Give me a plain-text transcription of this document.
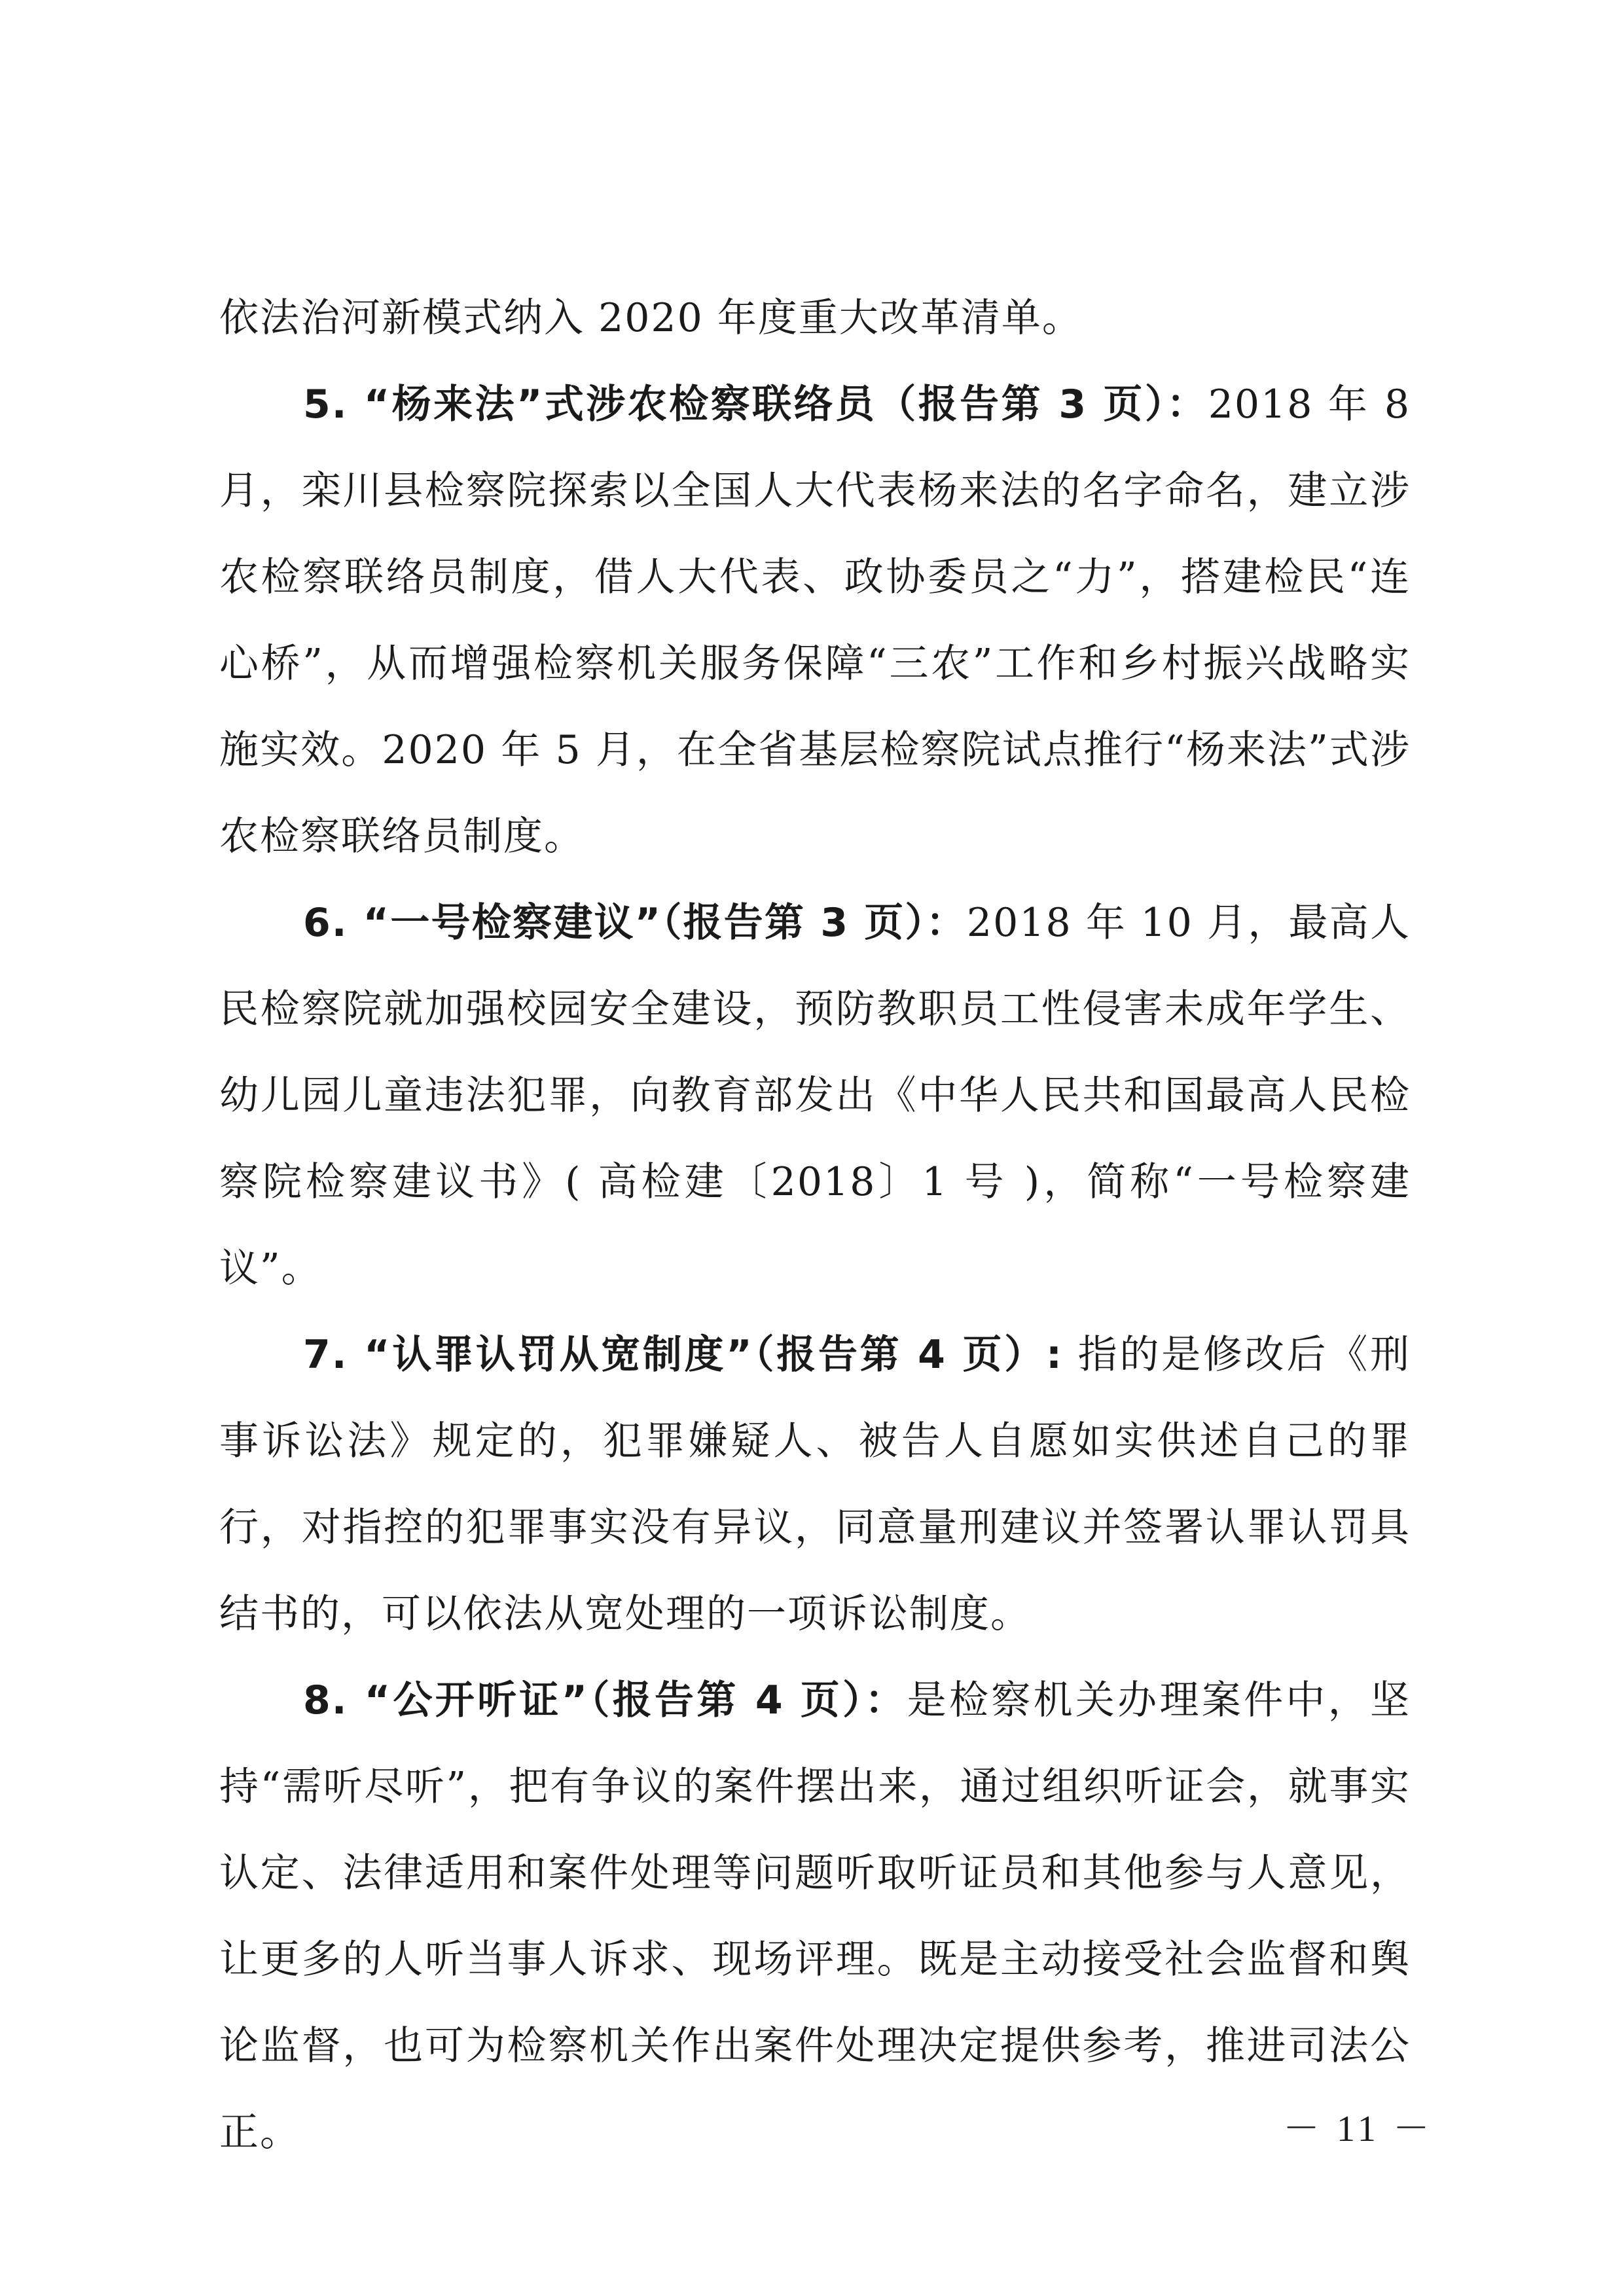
依法治河新模式纳入 2020 年度重大改革清单。

5. “杨来法”式涉农检察联络员（报告第 3 页）：2018 年 8 月，栾川县检察院探索以全国人大代表杨来法的名字命名，建立涉农检察联络员制度，借人大代表、政协委员之“力”，搭建检民“连心桥”，从而增强检察机关服务保障“三农”工作和乡村振兴战略实施实效。2020 年 5 月，在全省基层检察院试点推行“杨来法”式涉农检察联络员制度。

6. “一号检察建议”（报告第 3 页）：2018 年 10 月，最高人民检察院就加强校园安全建设，预防教职员工性侵害未成年学生、幼儿园儿童违法犯罪，向教育部发出《中华人民共和国最高人民检察院检察建议书》( 高检建〔2018〕1 号 )，简称“一号检察建议”。

7. “认罪认罚从宽制度”（报告第 4 页）: 指的是修改后《刑事诉讼法》规定的，犯罪嫌疑人、被告人自愿如实供述自己的罪行，对指控的犯罪事实没有异议，同意量刑建议并签署认罪认罚具结书的，可以依法从宽处理的一项诉讼制度。

8. “公开听证”（报告第 4 页）：是检察机关办理案件中，坚持“需听尽听”，把有争议的案件摆出来，通过组织听证会，就事实认定、法律适用和案件处理等问题听取听证员和其他参与人意见，让更多的人听当事人诉求、现场评理。既是主动接受社会监督和舆论监督，也可为检察机关作出案件处理决定提供参考，推进司法公正。	－ 11 －
